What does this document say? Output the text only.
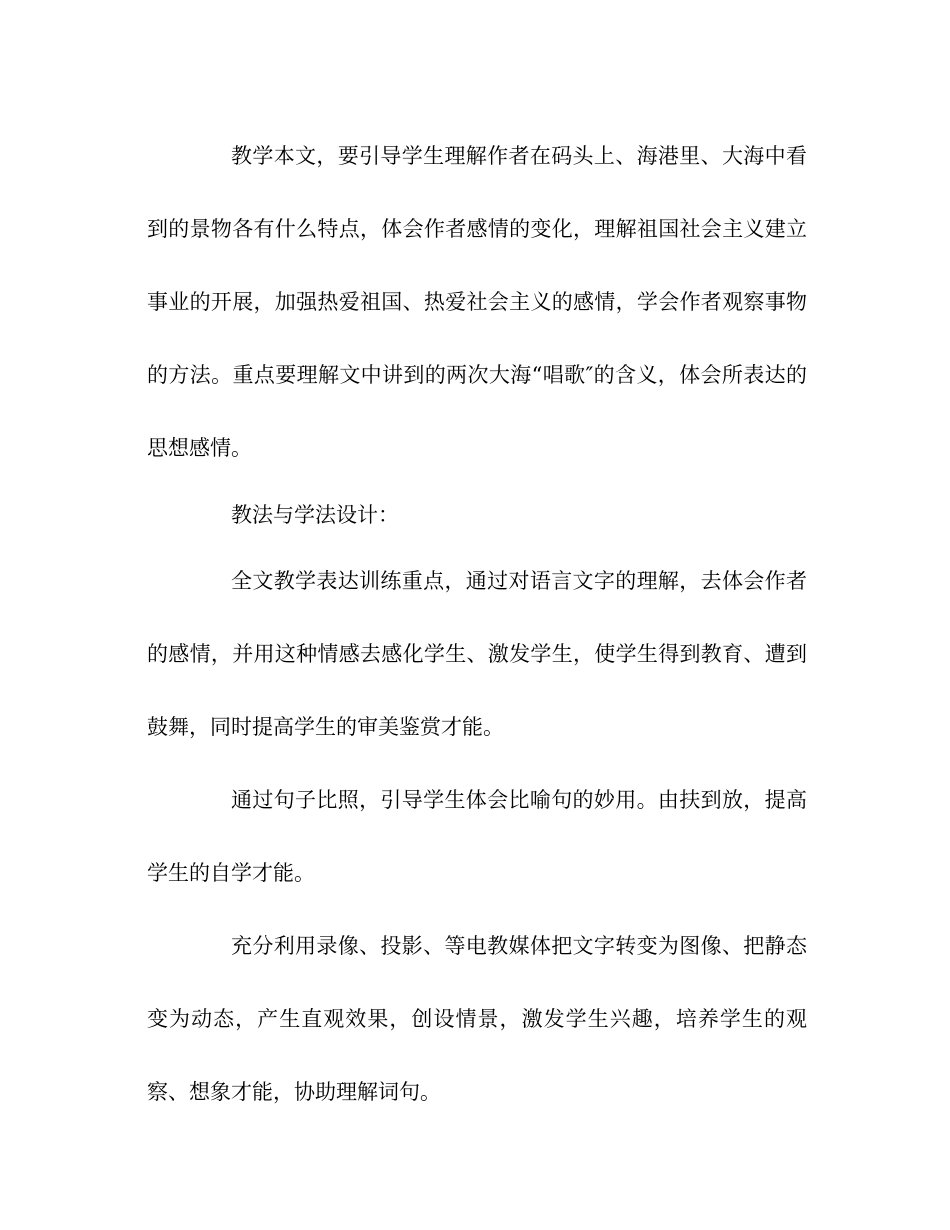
教学本文，要引导学生理解作者在码头上、海港里、大海中看到的景物各有什么特点，体会作者感情的变化，理解祖国社会主义建立事业的开展，加强热爱祖国、热爱社会主义的感情，学会作者观察事物的方法。重点要理解文中讲到的两次大海“唱歌″的含义，体会所表达的思想感情。

教法与学法设计：

全文教学表达训练重点，通过对语言文字的理解，去体会作者的感情，并用这种情感去感化学生、激发学生，使学生得到教育、遭到鼓舞，同时提高学生的审美鉴赏才能。

通过句子比照，引导学生体会比喻句的妙用。由扶到放，提高学生的自学才能。

充分利用录像、投影、等电教媒体把文字转变为图像、把静态变为动态，产生直观效果，创设情景，激发学生兴趣，培养学生的观察、想象才能，协助理解词句。
